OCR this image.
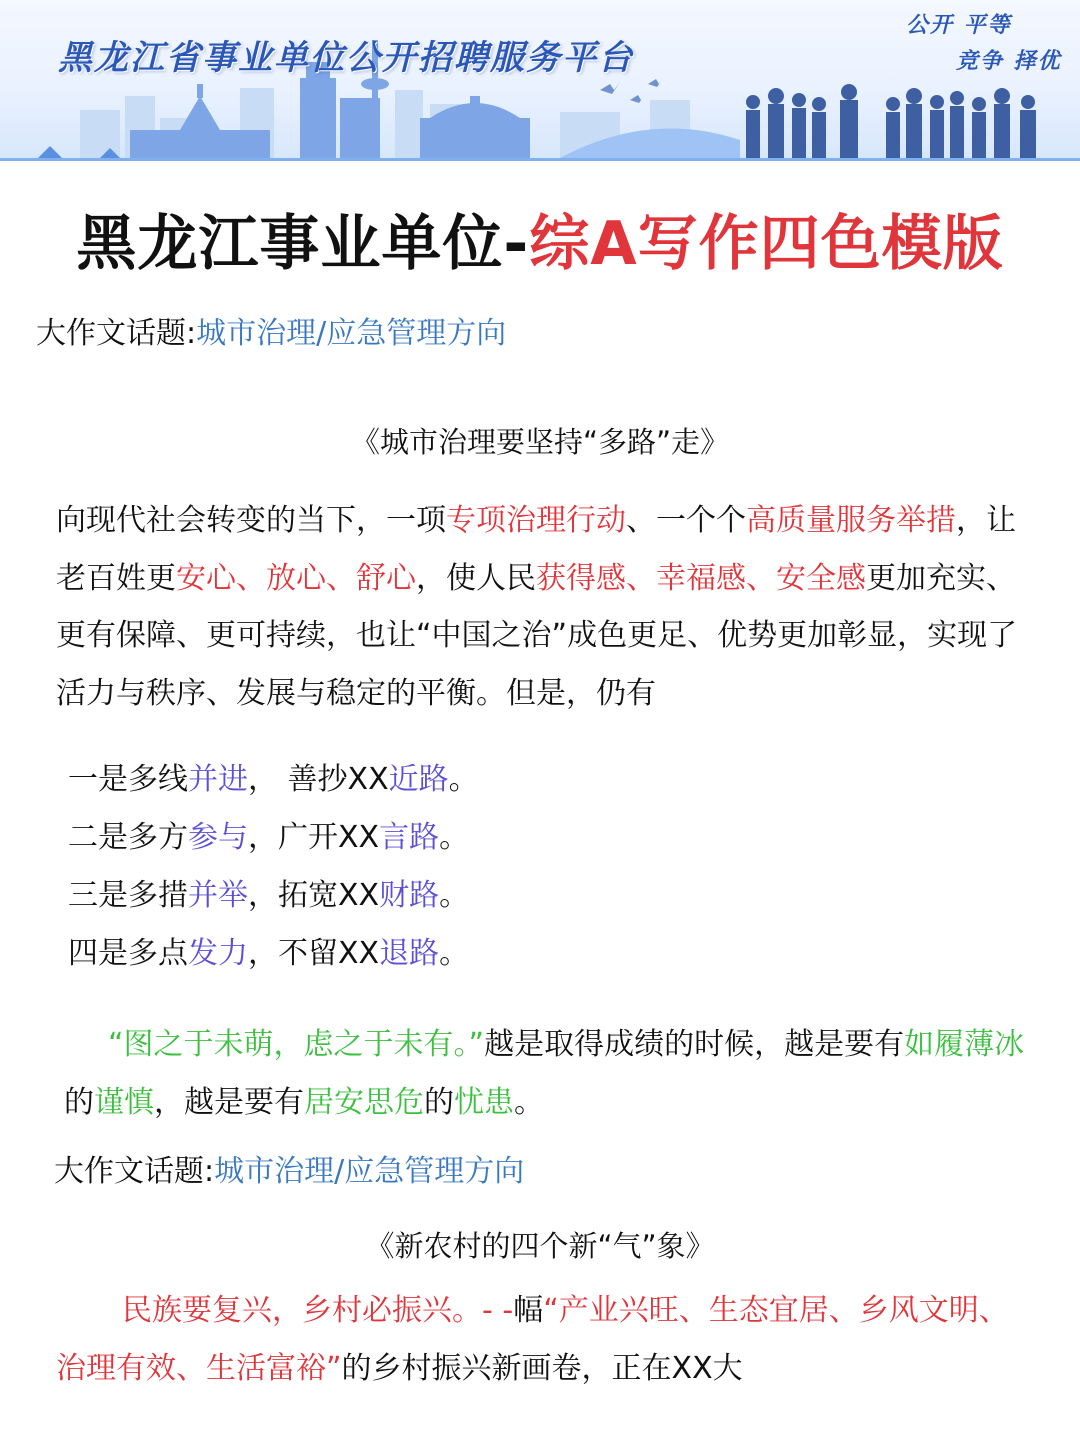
黑龙江省事业单位公开招聘服务平台
公开 平等
竞争 择优
黑龙江事业单位-综A写作四色模版
大作文话题:城市治理/应急管理方向
《城市治理要坚持“多路”走》
向现代社会转变的当下，一项专项治理行动、一个个高质量服务举措，让老百姓更安心、放心、舒心，使人民获得感、幸福感、安全感更加充实、更有保障、更可持续，也让“中国之治”成色更足、优势更加彰显，实现了活力与秩序、发展与稳定的平衡。但是，仍有
一是多线并进， 善抄XX近路。
二是多方参与，广开XX言路。
三是多措并举，拓宽XX财路。
四是多点发力，不留XX退路。
“图之于未萌，虑之于未有。”越是取得成绩的时候，越是要有如履薄冰的谨慎，越是要有居安思危的忧患。
大作文话题:城市治理/应急管理方向
《新农村的四个新“气”象》
民族要复兴，乡村必振兴。- -幅“产业兴旺、生态宜居、乡风文明、治理有效、生活富裕”的乡村振兴新画卷，正在XX大
